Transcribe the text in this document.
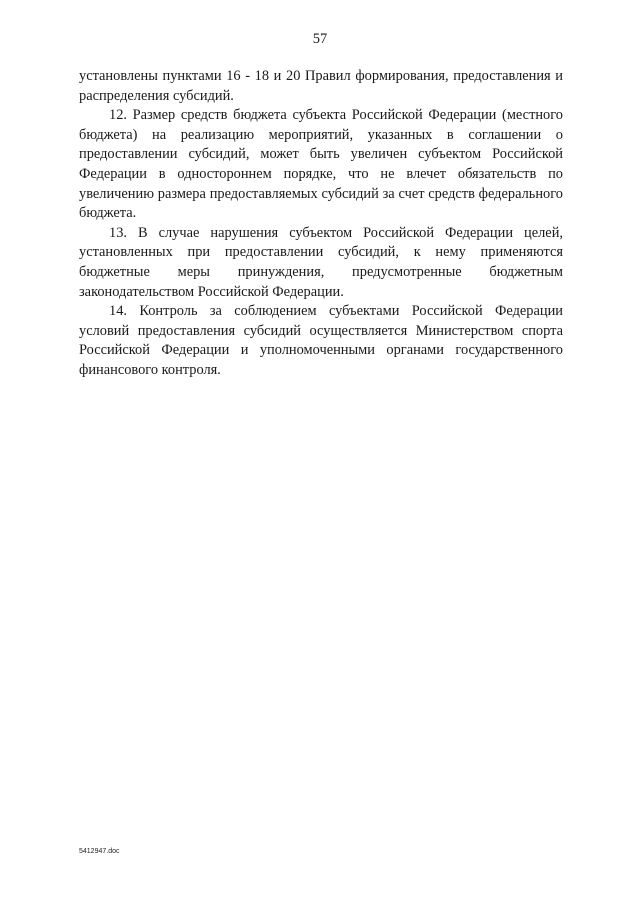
57

установлены пунктами 16 - 18 и 20 Правил формирования, предоставления и распределения субсидий.

12. Размер средств бюджета субъекта Российской Федерации (местного бюджета) на реализацию мероприятий, указанных в соглашении о предоставлении субсидий, может быть увеличен субъектом Российской Федерации в одностороннем порядке, что не влечет обязательств по увеличению размера предоставляемых субсидий за счет средств федерального бюджета.

13. В случае нарушения субъектом Российской Федерации целей, установленных при предоставлении субсидий, к нему применяются бюджетные меры принуждения, предусмотренные бюджетным законодательством Российской Федерации.

14. Контроль за соблюдением субъектами Российской Федерации условий предоставления субсидий осуществляется Министерством спорта Российской Федерации и уполномоченными органами государственного финансового контроля.

5412947.doc
